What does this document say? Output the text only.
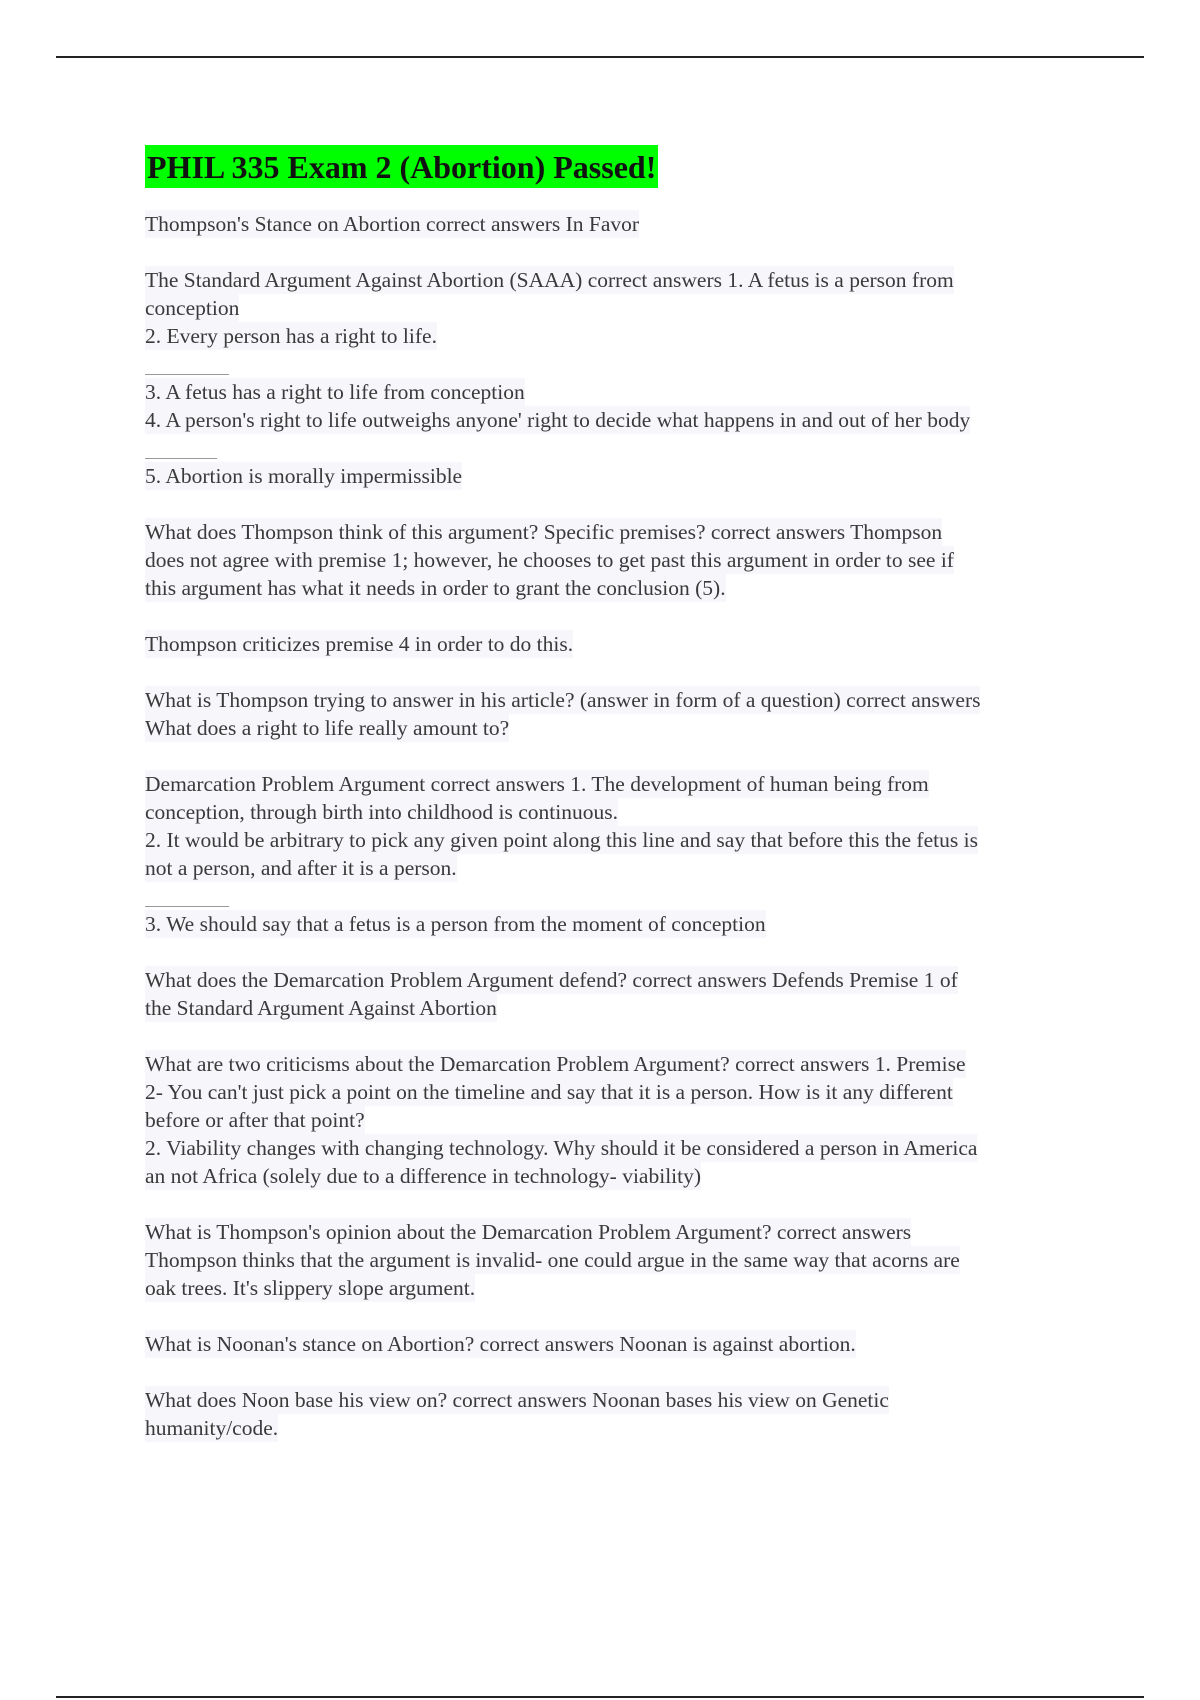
PHIL 335 Exam 2 (Abortion) Passed!
Thompson's Stance on Abortion correct answers In Favor
The Standard Argument Against Abortion (SAAA) correct answers 1. A fetus is a person from
conception
2. Every person has a right to life.
3. A fetus has a right to life from conception
4. A person's right to life outweighs anyone' right to decide what happens in and out of her body
5. Abortion is morally impermissible
What does Thompson think of this argument? Specific premises? correct answers Thompson
does not agree with premise 1; however, he chooses to get past this argument in order to see if
this argument has what it needs in order to grant the conclusion (5).
Thompson criticizes premise 4 in order to do this.
What is Thompson trying to answer in his article? (answer in form of a question) correct answers
What does a right to life really amount to?
Demarcation Problem Argument correct answers 1. The development of human being from
conception, through birth into childhood is continuous.
2. It would be arbitrary to pick any given point along this line and say that before this the fetus is
not a person, and after it is a person.
3. We should say that a fetus is a person from the moment of conception
What does the Demarcation Problem Argument defend? correct answers Defends Premise 1 of
the Standard Argument Against Abortion
What are two criticisms about the Demarcation Problem Argument? correct answers 1. Premise
2- You can't just pick a point on the timeline and say that it is a person. How is it any different
before or after that point?
2. Viability changes with changing technology. Why should it be considered a person in America
an not Africa (solely due to a difference in technology- viability)
What is Thompson's opinion about the Demarcation Problem Argument? correct answers
Thompson thinks that the argument is invalid- one could argue in the same way that acorns are
oak trees. It's slippery slope argument.
What is Noonan's stance on Abortion? correct answers Noonan is against abortion.
What does Noon base his view on? correct answers Noonan bases his view on Genetic
humanity/code.
